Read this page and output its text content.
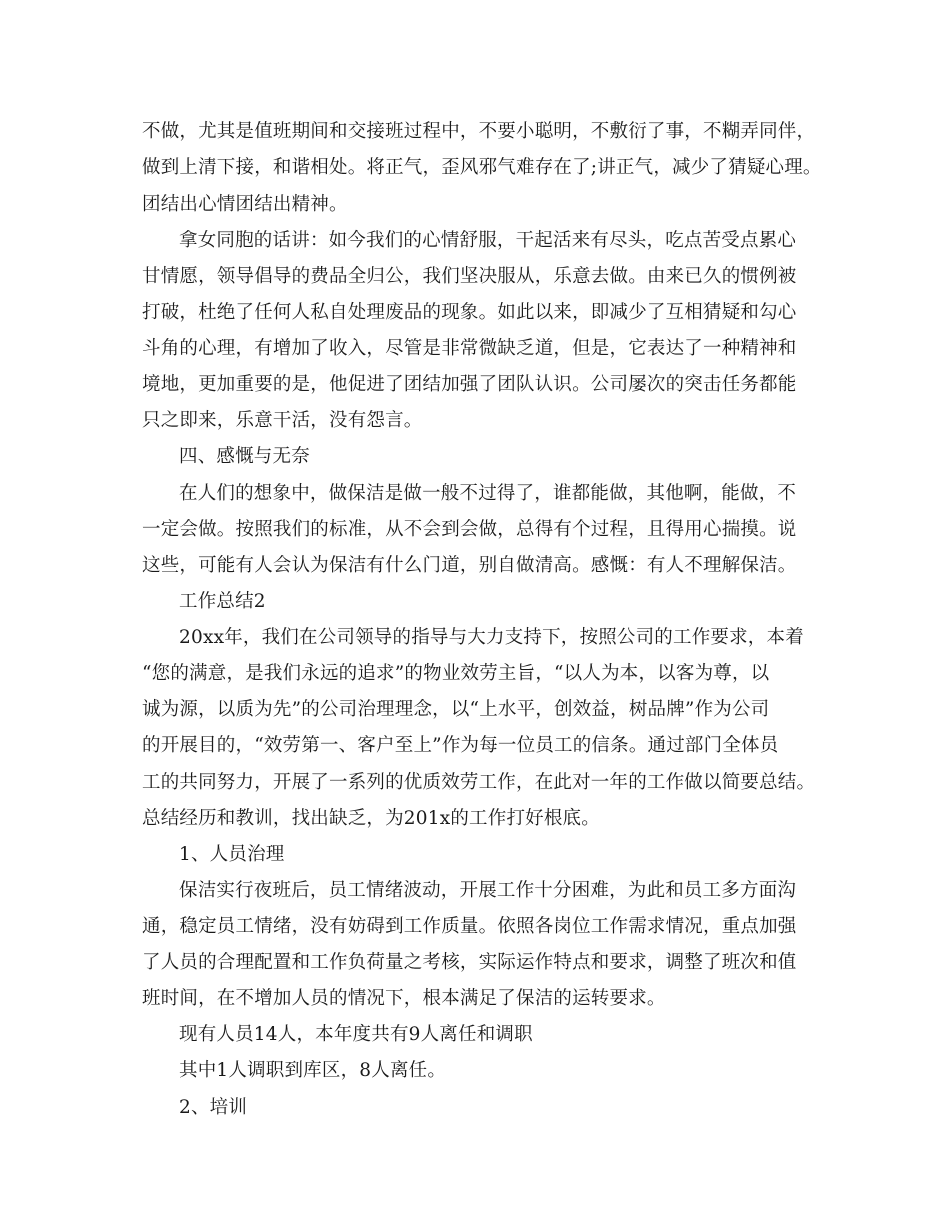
不做，尤其是值班期间和交接班过程中，不要小聪明，不敷衍了事，不糊弄同伴，
做到上清下接，和谐相处。将正气，歪风邪气难存在了;讲正气，减少了猜疑心理。
团结出心情团结出精神。
拿女同胞的话讲：如今我们的心情舒服，干起活来有尽头，吃点苦受点累心
甘情愿，领导倡导的费品全归公，我们坚决服从，乐意去做。由来已久的惯例被
打破，杜绝了任何人私自处理废品的现象。如此以来，即减少了互相猜疑和勾心
斗角的心理，有增加了收入，尽管是非常微缺乏道，但是，它表达了一种精神和
境地，更加重要的是，他促进了团结加强了团队认识。公司屡次的突击任务都能
只之即来，乐意干活，没有怨言。
四、感慨与无奈
在人们的想象中，做保洁是做一般不过得了，谁都能做，其他啊，能做，不
一定会做。按照我们的标准，从不会到会做，总得有个过程，且得用心揣摸。说
这些，可能有人会认为保洁有什么门道，别自做清高。感慨：有人不理解保洁。
工作总结2
20xx年，我们在公司领导的指导与大力支持下，按照公司的工作要求，本着
“您的满意，是我们永远的追求”的物业效劳主旨，“以人为本，以客为尊，以
诚为源，以质为先”的公司治理理念，以“上水平，创效益，树品牌”作为公司
的开展目的，“效劳第一、客户至上”作为每一位员工的信条。通过部门全体员
工的共同努力，开展了一系列的优质效劳工作，在此对一年的工作做以简要总结。
总结经历和教训，找出缺乏，为201x的工作打好根底。
1、人员治理
保洁实行夜班后，员工情绪波动，开展工作十分困难，为此和员工多方面沟
通，稳定员工情绪，没有妨碍到工作质量。依照各岗位工作需求情况，重点加强
了人员的合理配置和工作负荷量之考核，实际运作特点和要求，调整了班次和值
班时间，在不增加人员的情况下，根本满足了保洁的运转要求。
现有人员14人，本年度共有9人离任和调职
其中1人调职到库区，8人离任。
2、培训
